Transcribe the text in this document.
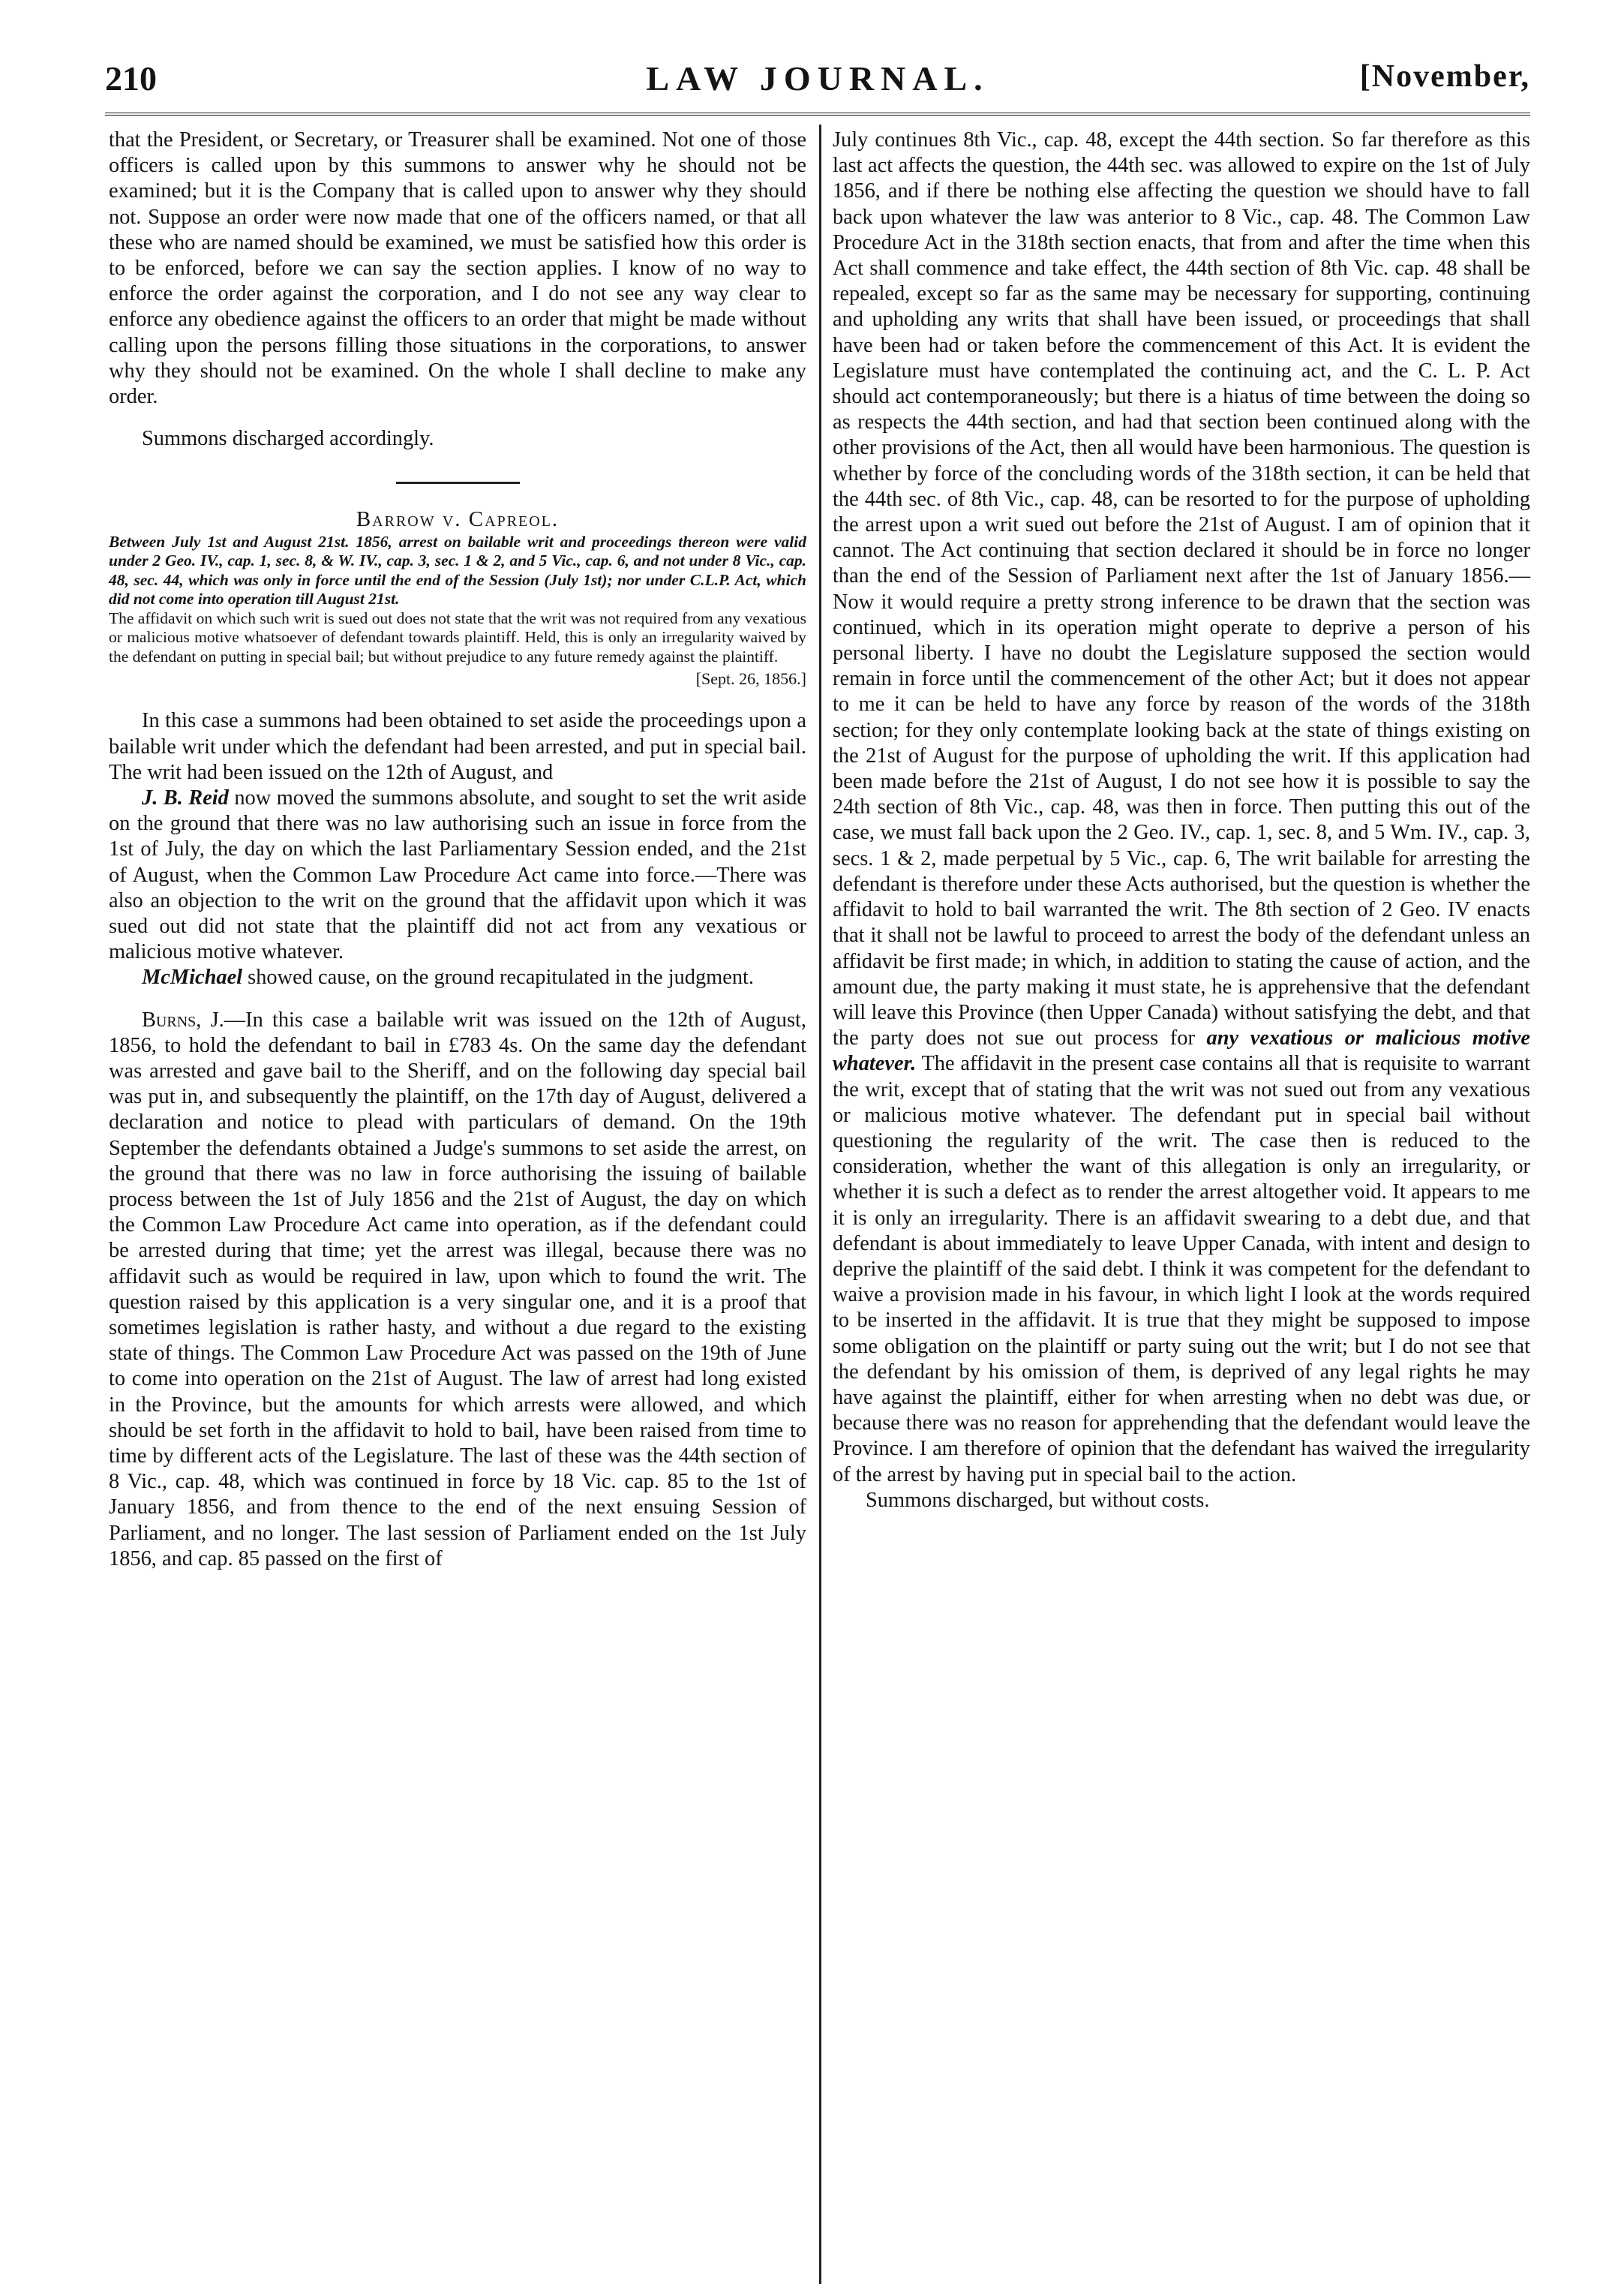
210	LAW JOURNAL.	[November,

that the President, or Secretary, or Treasurer shall be examined. Not one of those officers is called upon by this summons to answer why he should not be examined; but it is the Company that is called upon to answer why they should not. Suppose an order were now made that one of the officers named, or that all these who are named should be examined, we must be satisfied how this order is to be enforced, before we can say the section applies. I know of no way to enforce the order against the corporation, and I do not see any way clear to enforce any obedience against the officers to an order that might be made without calling upon the persons filling those situations in the corporations, to answer why they should not be examined. On the whole I shall decline to make any order.

Summons discharged accordingly.

Barrow v. Capreol.

Between July 1st and August 21st. 1856, arrest on bailable writ and proceedings thereon were valid under 2 Geo. IV., cap. 1, sec. 8, & W. IV., cap. 3, sec. 1 & 2, and 5 Vic., cap. 6, and not under 8 Vic., cap. 48, sec. 44, which was only in force until the end of the Session (July 1st); nor under C.L.P. Act, which did not come into operation till August 21st.

The affidavit on which such writ is sued out does not state that the writ was not required from any vexatious or malicious motive whatsoever of defendant towards plaintiff. Held, this is only an irregularity waived by the defendant on putting in special bail; but without prejudice to any future remedy against the plaintiff.

[Sept. 26, 1856.]

In this case a summons had been obtained to set aside the proceedings upon a bailable writ under which the defendant had been arrested, and put in special bail. The writ had been issued on the 12th of August, and

J. B. Reid now moved the summons absolute, and sought to set the writ aside on the ground that there was no law authorising such an issue in force from the 1st of July, the day on which the last Parliamentary Session ended, and the 21st of August, when the Common Law Procedure Act came into force.—There was also an objection to the writ on the ground that the affidavit upon which it was sued out did not state that the plaintiff did not act from any vexatious or malicious motive whatever.

McMichael showed cause, on the ground recapitulated in the judgment.

Burns, J.—In this case a bailable writ was issued on the 12th of August, 1856, to hold the defendant to bail in £783 4s. On the same day the defendant was arrested and gave bail to the Sheriff, and on the following day special bail was put in, and subsequently the plaintiff, on the 17th day of August, delivered a declaration and notice to plead with particulars of demand. On the 19th September the defendants obtained a Judge's summons to set aside the arrest, on the ground that there was no law in force authorising the issuing of bailable process between the 1st of July 1856 and the 21st of August, the day on which the Common Law Procedure Act came into operation, as if the defendant could be arrested during that time; yet the arrest was illegal, because there was no affidavit such as would be required in law, upon which to found the writ. The question raised by this application is a very singular one, and it is a proof that sometimes legislation is rather hasty, and without a due regard to the existing state of things. The Common Law Procedure Act was passed on the 19th of June to come into operation on the 21st of August. The law of arrest had long existed in the Province, but the amounts for which arrests were allowed, and which should be set forth in the affidavit to hold to bail, have been raised from time to time by different acts of the Legislature. The last of these was the 44th section of 8 Vic., cap. 48, which was continued in force by 18 Vic. cap. 85 to the 1st of January 1856, and from thence to the end of the next ensuing Session of Parliament, and no longer. The last session of Parliament ended on the 1st July 1856, and cap. 85 passed on the first of

July continues 8th Vic., cap. 48, except the 44th section. So far therefore as this last act affects the question, the 44th sec. was allowed to expire on the 1st of July 1856, and if there be nothing else affecting the question we should have to fall back upon whatever the law was anterior to 8 Vic., cap. 48. The Common Law Procedure Act in the 318th section enacts, that from and after the time when this Act shall commence and take effect, the 44th section of 8th Vic. cap. 48 shall be repealed, except so far as the same may be necessary for supporting, continuing and upholding any writs that shall have been issued, or proceedings that shall have been had or taken before the commencement of this Act. It is evident the Legislature must have contemplated the continuing act, and the C. L. P. Act should act contemporaneously; but there is a hiatus of time between the doing so as respects the 44th section, and had that section been continued along with the other provisions of the Act, then all would have been harmonious. The question is whether by force of the concluding words of the 318th section, it can be held that the 44th sec. of 8th Vic., cap. 48, can be resorted to for the purpose of upholding the arrest upon a writ sued out before the 21st of August. I am of opinion that it cannot. The Act continuing that section declared it should be in force no longer than the end of the Session of Parliament next after the 1st of January 1856.—Now it would require a pretty strong inference to be drawn that the section was continued, which in its operation might operate to deprive a person of his personal liberty. I have no doubt the Legislature supposed the section would remain in force until the commencement of the other Act; but it does not appear to me it can be held to have any force by reason of the words of the 318th section; for they only contemplate looking back at the state of things existing on the 21st of August for the purpose of upholding the writ. If this application had been made before the 21st of August, I do not see how it is possible to say the 24th section of 8th Vic., cap. 48, was then in force. Then putting this out of the case, we must fall back upon the 2 Geo. IV., cap. 1, sec. 8, and 5 Wm. IV., cap. 3, secs. 1 & 2, made perpetual by 5 Vic., cap. 6, The writ bailable for arresting the defendant is therefore under these Acts authorised, but the question is whether the affidavit to hold to bail warranted the writ. The 8th section of 2 Geo. IV enacts that it shall not be lawful to proceed to arrest the body of the defendant unless an affidavit be first made; in which, in addition to stating the cause of action, and the amount due, the party making it must state, he is apprehensive that the defendant will leave this Province (then Upper Canada) without satisfying the debt, and that the party does not sue out process for any vexatious or malicious motive whatever. The affidavit in the present case contains all that is requisite to warrant the writ, except that of stating that the writ was not sued out from any vexatious or malicious motive whatever. The defendant put in special bail without questioning the regularity of the writ. The case then is reduced to the consideration, whether the want of this allegation is only an irregularity, or whether it is such a defect as to render the arrest altogether void. It appears to me it is only an irregularity. There is an affidavit swearing to a debt due, and that defendant is about immediately to leave Upper Canada, with intent and design to deprive the plaintiff of the said debt. I think it was competent for the defendant to waive a provision made in his favour, in which light I look at the words required to be inserted in the affidavit. It is true that they might be supposed to impose some obligation on the plaintiff or party suing out the writ; but I do not see that the defendant by his omission of them, is deprived of any legal rights he may have against the plaintiff, either for when arresting when no debt was due, or because there was no reason for apprehending that the defendant would leave the Province. I am therefore of opinion that the defendant has waived the irregularity of the arrest by having put in special bail to the action.

Summons discharged, but without costs.
